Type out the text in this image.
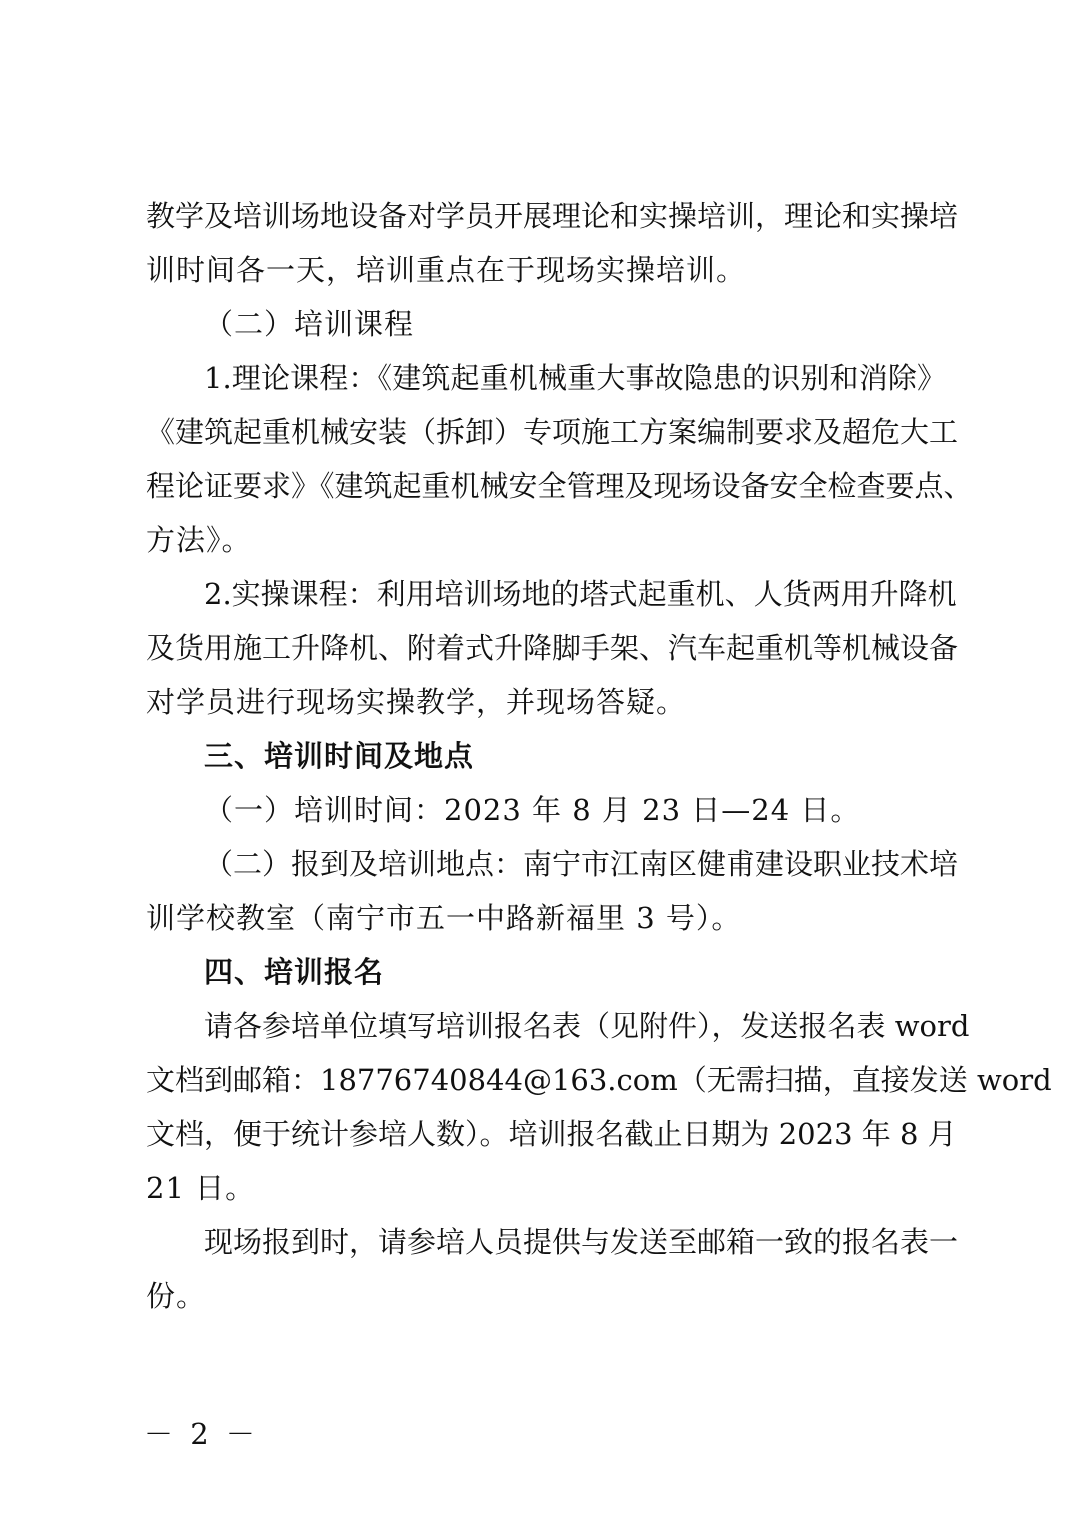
教学及培训场地设备对学员开展理论和实操培训，理论和实操培
训时间各一天，培训重点在于现场实操培训。
（二）培训课程
1.理论课程：《建筑起重机械重大事故隐患的识别和消除》
《建筑起重机械安装（拆卸）专项施工方案编制要求及超危大工
程论证要求》《建筑起重机械安全管理及现场设备安全检查要点、
方法》。
2.实操课程：利用培训场地的塔式起重机、人货两用升降机
及货用施工升降机、附着式升降脚手架、汽车起重机等机械设备
对学员进行现场实操教学，并现场答疑。
三、培训时间及地点
（一）培训时间：2023 年 8 月 23 日—24 日。
（二）报到及培训地点：南宁市江南区健甫建设职业技术培
训学校教室（南宁市五一中路新福里 3 号）。
四、培训报名
请各参培单位填写培训报名表（见附件），发送报名表 word
文档到邮箱：18776740844@163.com（无需扫描，直接发送 word
文档，便于统计参培人数）。培训报名截止日期为 2023 年 8 月
21 日。
现场报到时，请参培人员提供与发送至邮箱一致的报名表一
份。
－ 2 －
